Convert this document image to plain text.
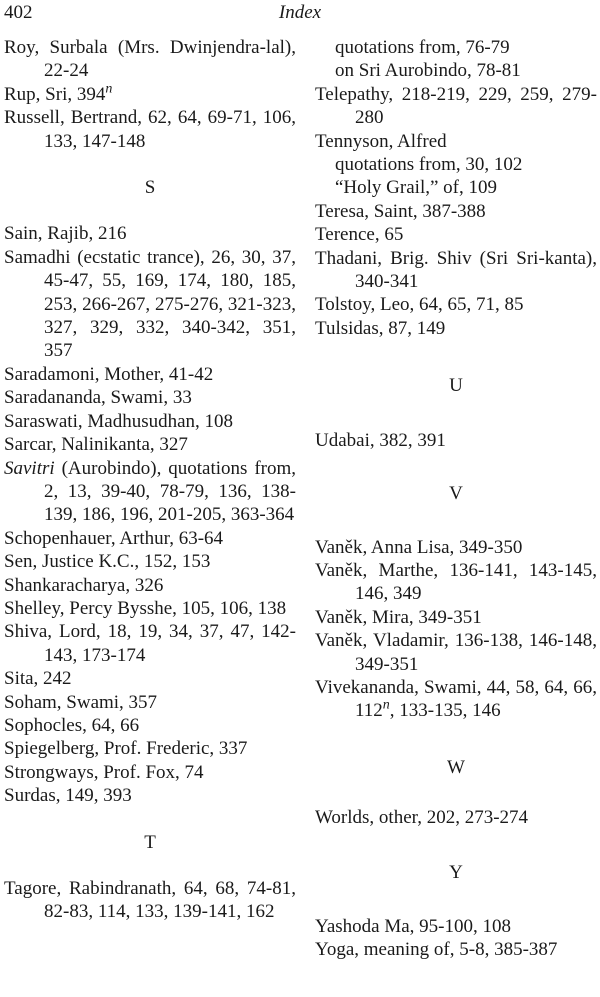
402	Index

Roy, Surbala (Mrs. Dwinjendra-lal), 22-24

Rup, Sri, 394$^n$

Russell, Bertrand, 62, 64, 69-71, 106, 133, 147-148

S

Sain, Rajib, 216

Samadhi (ecstatic trance), 26, 30, 37, 45-47, 55, 169, 174, 180, 185, 253, 266-267, 275-276, 321-323, 327, 329, 332, 340-342, 351, 357

Saradamoni, Mother, 41-42

Saradananda, Swami, 33

Saraswati, Madhusudhan, 108

Sarcar, Nalinikanta, 327

Savitri (Aurobindo), quotations from, 2, 13, 39-40, 78-79, 136, 138-139, 186, 196, 201-205, 363-364

Schopenhauer, Arthur, 63-64

Sen, Justice K.C., 152, 153

Shankaracharya, 326

Shelley, Percy Bysshe, 105, 106, 138

Shiva, Lord, 18, 19, 34, 37, 47, 142-143, 173-174

Sita, 242

Soham, Swami, 357

Sophocles, 64, 66

Spiegelberg, Prof. Frederic, 337

Strongways, Prof. Fox, 74

Surdas, 149, 393

T

Tagore, Rabindranath, 64, 68, 74-81, 82-83, 114, 133, 139-141, 162

quotations from, 76-79

on Sri Aurobindo, 78-81

Telepathy, 218-219, 229, 259, 279-280

Tennyson, Alfred

quotations from, 30, 102

“Holy Grail,” of, 109

Teresa, Saint, 387-388

Terence, 65

Thadani, Brig. Shiv (Sri Sri-kanta), 340-341

Tolstoy, Leo, 64, 65, 71, 85

Tulsidas, 87, 149

U

Udabai, 382, 391

V

Vaněk, Anna Lisa, 349-350

Vaněk, Marthe, 136-141, 143-145, 146, 349

Vaněk, Mira, 349-351

Vaněk, Vladamir, 136-138, 146-148, 349-351

Vivekananda, Swami, 44, 58, 64, 66, 112$^n$, 133-135, 146

W

Worlds, other, 202, 273-274

Y

Yashoda Ma, 95-100, 108

Yoga, meaning of, 5-8, 385-387
